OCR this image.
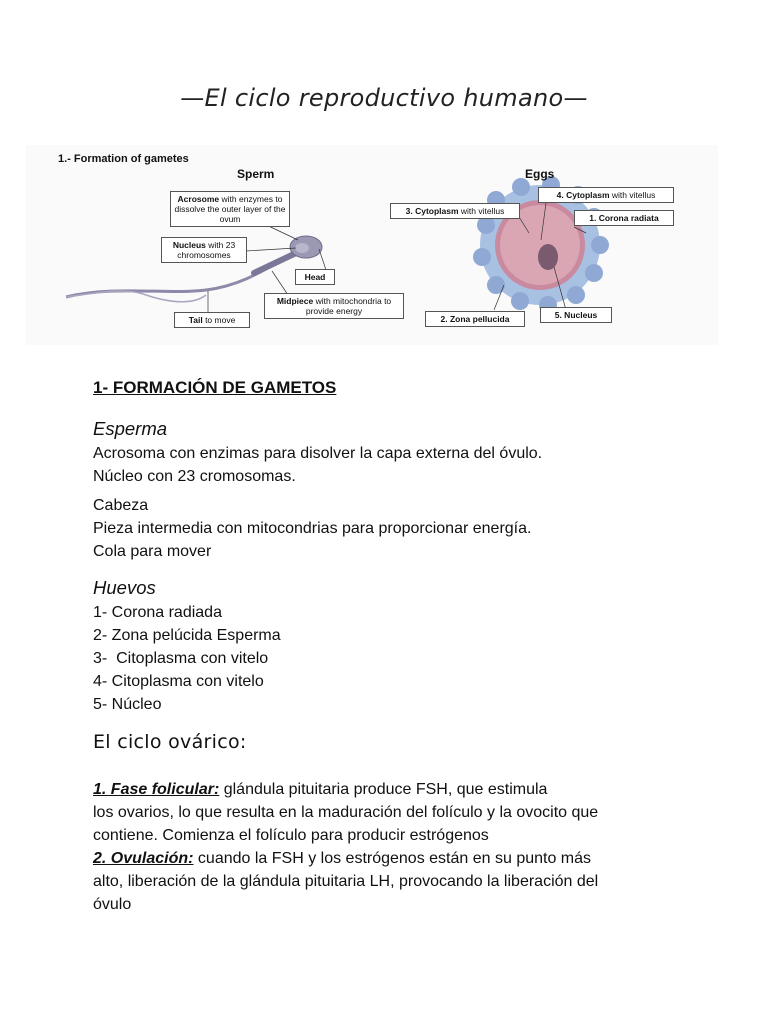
—El ciclo reproductivo humano—
1.- Formation of gametes
Sperm	Eggs
Acrosome with enzymes to dissolve the outer layer of the ovum
Nucleus with 23 chromosomes
Head
Midpiece with mitochondria to provide energy
Tail to move
4. Cytoplasm with vitellus
3. Cytoplasm with vitellus
1. Corona radiata
2. Zona pellucida	5. Nucleus
1- FORMACIÓN DE GAMETOS
Esperma
Acrosoma con enzimas para disolver la capa externa del óvulo.
Núcleo con 23 cromosomas.
Cabeza
Pieza intermedia con mitocondrias para proporcionar energía.
Cola para mover
Huevos
1- Corona radiada
2- Zona pelúcida Esperma
3-  Citoplasma con vitelo
4- Citoplasma con vitelo
5- Núcleo
El ciclo ovárico:
1. Fase folicular: glándula pituitaria produce FSH, que estimula
los ovarios, lo que resulta en la maduración del folículo y la ovocito que
contiene. Comienza el folículo para producir estrógenos
2. Ovulación: cuando la FSH y los estrógenos están en su punto más
alto, liberación de la glándula pituitaria LH, provocando la liberación del
óvulo
